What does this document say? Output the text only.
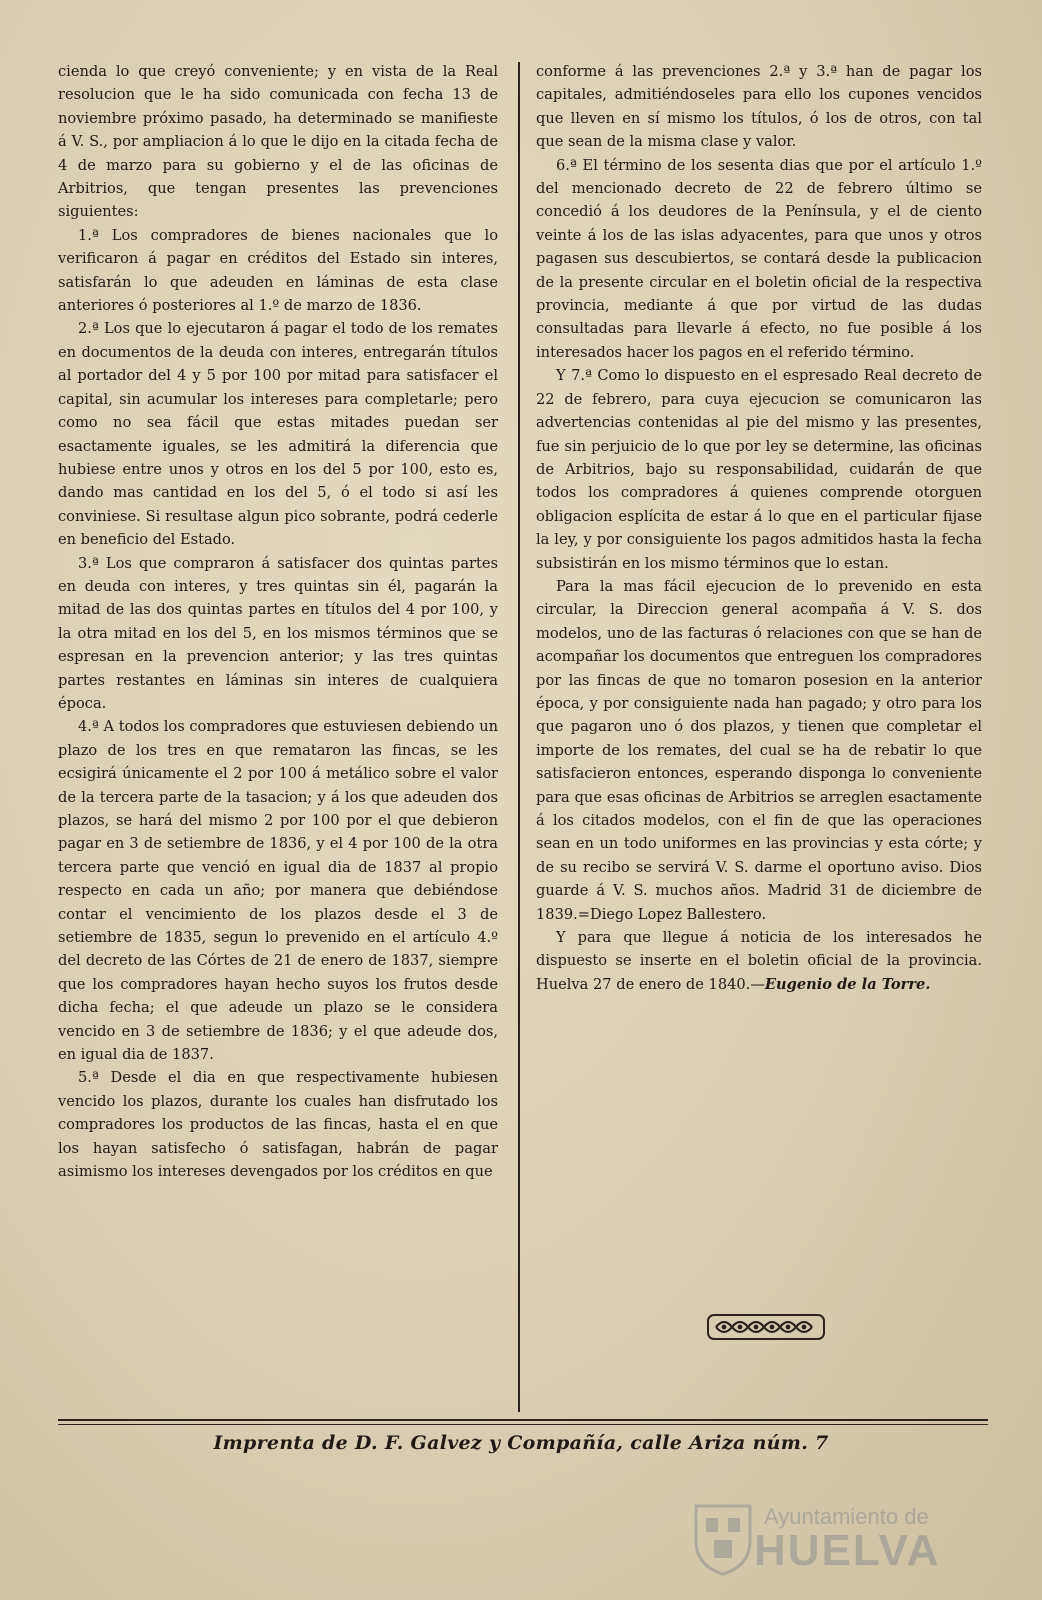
cienda lo que creyó conveniente; y en vista de la Real resolucion que le ha sido comunicada con fecha 13 de noviembre próximo pasado, ha determinado se manifieste á V. S., por ampliacion á lo que le dijo en la citada fecha de 4 de marzo para su gobierno y el de las oficinas de Arbitrios, que tengan presentes las prevenciones siguientes:

1.ª Los compradores de bienes nacionales que lo verificaron á pagar en créditos del Estado sin interes, satisfarán lo que adeuden en láminas de esta clase anteriores ó posteriores al 1.º de marzo de 1836.

2.ª Los que lo ejecutaron á pagar el todo de los remates en documentos de la deuda con interes, entregarán títulos al portador del 4 y 5 por 100 por mitad para satisfacer el capital, sin acumular los intereses para completarle; pero como no sea fácil que estas mitades puedan ser esactamente iguales, se les admitirá la diferencia que hubiese entre unos y otros en los del 5 por 100, esto es, dando mas cantidad en los del 5, ó el todo si así les conviniese. Si resultase algun pico sobrante, podrá cederle en beneficio del Estado.

3.ª Los que compraron á satisfacer dos quintas partes en deuda con interes, y tres quintas sin él, pagarán la mitad de las dos quintas partes en títulos del 4 por 100, y la otra mitad en los del 5, en los mismos términos que se espresan en la prevencion anterior; y las tres quintas partes restantes en láminas sin interes de cualquiera época.

4.ª A todos los compradores que estuviesen debiendo un plazo de los tres en que remataron las fincas, se les ecsigirá únicamente el 2 por 100 á metálico sobre el valor de la tercera parte de la tasacion; y á los que adeuden dos plazos, se hará del mismo 2 por 100 por el que debieron pagar en 3 de setiembre de 1836, y el 4 por 100 de la otra tercera parte que venció en igual dia de 1837 al propio respecto en cada un año; por manera que debiéndose contar el vencimiento de los plazos desde el 3 de setiembre de 1835, segun lo prevenido en el artículo 4.º del decreto de las Córtes de 21 de enero de 1837, siempre que los compradores hayan hecho suyos los frutos desde dicha fecha; el que adeude un plazo se le considera vencido en 3 de setiembre de 1836; y el que adeude dos, en igual dia de 1837.

5.ª Desde el dia en que respectivamente hubiesen vencido los plazos, durante los cuales han disfrutado los compradores los productos de las fincas, hasta el en que los hayan satisfecho ó satisfagan, habrán de pagar asimismo los intereses devengados por los créditos en que

conforme á las prevenciones 2.ª y 3.ª han de pagar los capitales, admitiéndoseles para ello los cupones vencidos que lleven en sí mismo los títulos, ó los de otros, con tal que sean de la misma clase y valor.

6.ª El término de los sesenta dias que por el artículo 1.º del mencionado decreto de 22 de febrero último se concedió á los deudores de la Península, y el de ciento veinte á los de las islas adyacentes, para que unos y otros pagasen sus descubiertos, se contará desde la publicacion de la presente circular en el boletin oficial de la respectiva provincia, mediante á que por virtud de las dudas consultadas para llevarle á efecto, no fue posible á los interesados hacer los pagos en el referido término.

Y 7.ª Como lo dispuesto en el espresado Real decreto de 22 de febrero, para cuya ejecucion se comunicaron las advertencias contenidas al pie del mismo y las presentes, fue sin perjuicio de lo que por ley se determine, las oficinas de Arbitrios, bajo su responsabilidad, cuidarán de que todos los compradores á quienes comprende otorguen obligacion esplícita de estar á lo que en el particular fijase la ley, y por consiguiente los pagos admitidos hasta la fecha subsistirán en los mismo términos que lo estan.

Para la mas fácil ejecucion de lo prevenido en esta circular, la Direccion general acompaña á V. S. dos modelos, uno de las facturas ó relaciones con que se han de acompañar los documentos que entreguen los compradores por las fincas de que no tomaron posesion en la anterior época, y por consiguiente nada han pagado; y otro para los que pagaron uno ó dos plazos, y tienen que completar el importe de los remates, del cual se ha de rebatir lo que satisfacieron entonces, esperando disponga lo conveniente para que esas oficinas de Arbitrios se arreglen esactamente á los citados modelos, con el fin de que las operaciones sean en un todo uniformes en las provincias y esta córte; y de su recibo se servirá V. S. darme el oportuno aviso. Dios guarde á V. S. muchos años. Madrid 31 de diciembre de 1839.=Diego Lopez Ballestero.

Y para que llegue á noticia de los interesados he dispuesto se inserte en el boletin oficial de la provincia. Huelva 27 de enero de 1840.—Eugenio de la Torre.

Imprenta de D. F. Galvez y Compañía, calle Ariza núm. 7
Ayuntamiento de
HUELVA
